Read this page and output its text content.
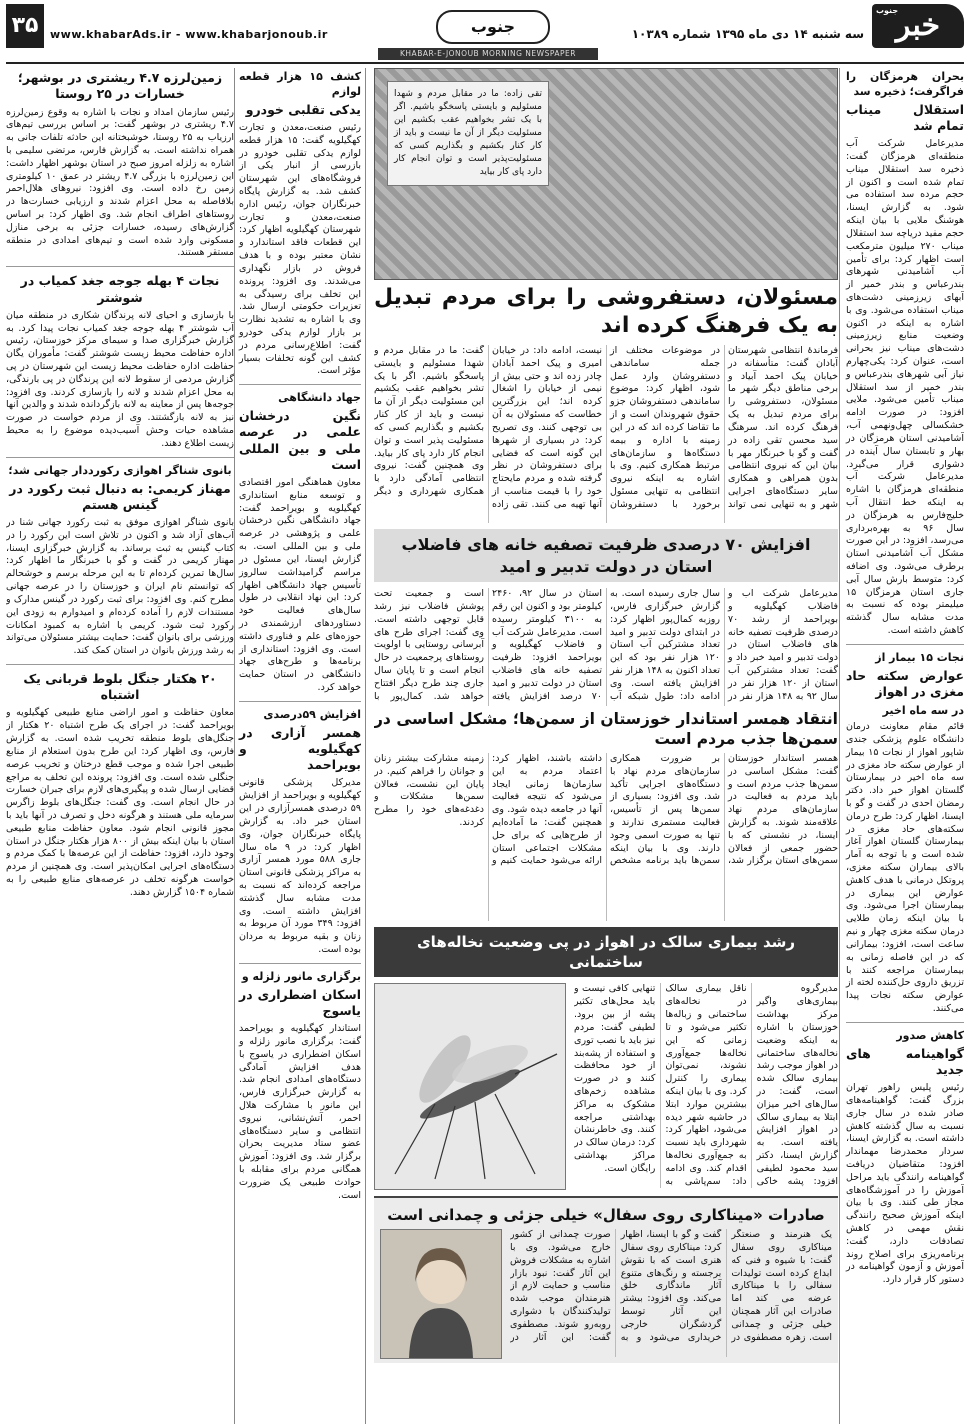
جنوب
خبر
سه شنبه ۱۴ دی ماه ۱۳۹۵ شماره ۱۰۳۸۹
جنوب
www.khabarAds.ir - www.khabarjonoub.ir
۳۵
KHABAR-E-JONOUB MORNING NEWSPAPER
بحران هرمزگان را فراگرفت؛ ذخیره سد
استقلال میناب تمام شد

مدیرعامل شرکت آب منطقه‌ای هرمزگان گفت: ذخیره سد استقلال میناب تمام شده است و اکنون از حجم مرده سد استفاده می شود. به گزارش ایسنا، هوشنگ ملایی با بیان اینکه حجم مفید دریاچه سد استقلال میناب ۲۷۰ میلیون مترمکعب است اظهار کرد: برای تأمین آب آشامیدنی شهرهای بندرعباس و بندر خمیر از آبهای زیرزمینی دشت‌های میناب استفاده می‌شود. وی با اشاره به اینکه در اکنون وضعیت منابع زیرزمینی دشت‌های میناب نیز بحرانی است، عنوان کرد: یکی‌چهارم نیاز آبی شهرهای بندرعباس و بندر خمیر از سد استقلال میناب تأمین می‌شود. ملایی افزود: در صورت ادامه خشکسالی چهل‌ونهمی آب، آشامیدنی استان هرمزگان در بهار و تابستان سال آینده در دشواری قرار می‌گیرد. مدیرعامل شرکت آب منطقه‌ای هرمزگان با اشاره به اینکه خط انتقال آب خلیج‌فارس به هرمزگان در سال ۹۶ به بهره‌برداری می‌رسد، افزود: در این صورت مشکل آب آشامیدنی استان برطرف می‌شود. وی اضافه کرد: متوسط بارش سال آبی جاری استان هرمزگان ۱۵ میلیمتر بوده که نسبت به مدت مشابه سال گذشته کاهش داشته است.

نجات ۱۵ بیمار از
عوارض سکته حاد مغزی در اهواز
در سه ماه اخیر

قائم مقام معاونت درمان دانشگاه علوم پزشکی جندی شاپور اهواز از نجات ۱۵ بیمار از عوارض سکته حاد مغزی در سه ماه اخیر در بیمارستان گلستان اهواز خبر داد. دکتر رمضان احدی در گفت و گو با ایسنا، اظهار کرد: طرح درمان سکته‌های حاد مغزی در بیمارستان گلستان اهواز آغاز شده است و با توجه به آمار بالای بیماران سکته مغزی، پروتکل درمانی با هدف کاهش عوارض این بیماری در بیمارستان اجرا می‌شود. وی با بیان اینکه زمان طلایی درمان سکته مغزی چهار و نیم ساعت است، افزود: بیمارانی که در این فاصله زمانی به بیمارستان مراجعه کنند با تزریق داروی حل‌کننده لخته از عوارض سکته نجات پیدا می‌کنند.

کاهش صدور
گواهینامه های جدید

رئیس پلیس راهور تهران بزرگ گفت: گواهینامه‌های صادر شده در سال جاری نسبت به سال گذشته کاهش داشته است. به گزارش ایسنا، سردار محمدرضا مهماندار افزود: متقاضیان دریافت گواهینامه رانندگی باید مراحل آموزش را در آموزشگاه‌های مجاز طی کنند. وی با بیان اینکه آموزش صحیح رانندگی نقش مهمی در کاهش تصادفات دارد، گفت: برنامه‌ریزی برای اصلاح روند آموزش و آزمون گواهینامه در دستور کار قرار دارد.

تقی زاده: ما در مقابل مردم و شهدا مسئولیم و بایستی پاسخگو باشیم. اگر با یک تشر بخواهیم عقب بکشیم این مسئولیت دیگر از آن ما نیست و باید از کار کنار بکشیم و بگذاریم کسی که مسئولیت‌پذیر است و توان انجام کار دارد پای کار بیاید
مسئولان، دستفروشی را برای مردم تبدیل به یک فرهنگ کرده اند

فرماندهٔ انتظامی شهرستان آبادان گفت: متأسفانه در خیابان پیک احمد آبیاد و برخی مناطق دیگر شهر ما مسئولان، دستفروشی را برای مردم تبدیل به یک فرهنگ کرده اند. سرهنگ سید محسن تقی زاده در گفت و گو با خبرنگار مهر با بیان این که نیروی انتظامی بدون همراهی و همکاری سایر دستگاه‌های اجرایی شهر و به تنهایی نمی تواند در موضوعات مختلف از جمله ساماندهی دستفروشان وارد عمل شود، اظهار کرد: موضوع ساماندهی دستفروشان جزو حقوق شهروندان است و از ما تقاضا کرده اند که در این زمینه با اداره و بیمه دستگاه‌ها و سازمان‌های مرتبط همکاری کنیم. وی با اشاره به اینکه نیروی انتظامی به تنهایی مسئول برخورد با دستفروشان نیست، ادامه داد: در خیابان امیری و پیک احمد آبادان چادر زده اند و حتی بیش از نیمی از خیابان را اشغال کرده اند؛ این بزرگترین خطاست که مسئولان به آن بی توجهی کنند. وی تصریح کرد: در بسیاری از شهرها این گونه است که فضایی برای دستفروشان در نظر گرفته شده و مردم مایحتاج خود را با قیمت مناسب از آنها تهیه می کنند. تقی زاده گفت: ما در مقابل مردم و شهدا مسئولیم و بایستی پاسخگو باشیم. اگر با یک تشر بخواهیم عقب بکشیم این مسئولیت دیگر از آن ما نیست و باید از کار کنار بکشیم و بگذاریم کسی که مسئولیت پذیر است و توان انجام کار دارد پای کار بیاید. وی همچنین گفت: نیروی انتظامی آمادگی دارد با همکاری شهرداری و دیگر

افزایش ۷۰ درصدی ظرفیت تصفیه خانه های فاضلاب استان در دولت تدبیر و امید

مدیرعامل شرکت آب و فاضلاب کهگیلویه و بویراحمد از رشد ۷۰ درصدی ظرفیت تصفیه خانه های فاضلاب استان در دولت تدبیر و امید خبر داد و گفت: تعداد مشترکین آب استان از ۱۲۰ هزار نفر در سال ۹۲ به ۱۴۸ هزار نفر در سال جاری رسیده است. به گزارش خبرگزاری فارس، روزبه کمال‌پور اظهار کرد: در ابتدای دولت تدبیر و امید تعداد مشترکین آب استان ۱۲۰ هزار نفر بود که این تعداد اکنون به ۱۴۸ هزار نفر افزایش یافته است. وی ادامه داد: طول شبکه آب استان در سال ۹۲، ۲۴۶۰ کیلومتر بود و اکنون این رقم به ۳۱۰۰ کیلومتر رسیده است. مدیرعامل شرکت آب و فاضلاب کهگیلویه و بویراحمد افزود: ظرفیت تصفیه خانه های فاضلاب استان در دولت تدبیر و امید ۷۰ درصد افزایش یافته است و جمعیت تحت پوشش فاضلاب نیز رشد قابل توجهی داشته است. وی گفت: اجرای طرح های آبرسانی روستایی با اولویت روستاهای پرجمعیت در حال انجام است و تا پایان سال جاری چند طرح دیگر افتتاح خواهد شد. کمال‌پور با

انتقاد همسر استاندار خوزستان از سمن‌ها؛ مشکل اساسی در سمن‌ها جذب مردم است

همسر استاندار خوزستان گفت: مشکل اساسی در سمن‌ها جذب مردم است و باید مردم به فعالیت در سازمان‌های مردم نهاد علاقه‌مند شوند. به گزارش ایسنا، در نشستی که با حضور جمعی از فعالان سمن‌های استان برگزار شد، بر ضرورت همکاری سازمان‌های مردم نهاد با دستگاه‌های اجرایی تأکید شد. وی افزود: بسیاری از سمن‌ها پس از تأسیس، فعالیت مستمری ندارند و تنها به صورت اسمی وجود دارند. وی با بیان اینکه سمن‌ها باید برنامه مشخص داشته باشند، اظهار کرد: اعتماد مردم به این سازمان‌ها زمانی ایجاد می‌شود که نتیجه فعالیت آنها در جامعه دیده شود. وی همچنین گفت: ما آماده‌ایم از طرح‌هایی که برای حل مشکلات اجتماعی استان ارائه می‌شود حمایت کنیم و زمینه مشارکت بیشتر زنان و جوانان را فراهم کنیم. در پایان این نشست، فعالان سمن‌ها مشکلات و دغدغه‌های خود را مطرح کردند.

رشد بیماری سالک در اهواز در پی وضعیت نخاله‌های ساختمانی

مدیرگروه بیماری‌های واگیر مرکز بهداشت خوزستان با اشاره به اینکه وضعیت نخاله‌های ساختمانی در اهواز موجب رشد بیماری سالک شده است، گفت: در سال‌های اخیر میزان ابتلا به بیماری سالک در اهواز افزایش یافته است. به گزارش ایسنا، دکتر سید محمود لطیفی افزود: پشه خاکی ناقل بیماری سالک در نخاله‌های ساختمانی و زباله‌ها تکثیر می‌شود و تا زمانی که این نخاله‌ها جمع‌آوری نشوند، نمی‌توان بیماری را کنترل کرد. وی با بیان اینکه بیشترین موارد ابتلا در حاشیه شهر دیده می‌شود، اظهار کرد: شهرداری باید نسبت به جمع‌آوری نخاله‌ها اقدام کند. وی ادامه داد: سم‌پاشی به تنهایی کافی نیست و باید محل‌های تکثیر پشه از بین برود. لطیفی گفت: مردم نیز باید با نصب توری و استفاده از پشه‌بند از خود محافظت کنند و در صورت مشاهده زخم‌های مشکوک به مراکز بهداشتی مراجعه کنند. وی خاطرنشان کرد: درمان سالک در مراکز بهداشتی رایگان است.

صادرات «میناکاری روی سفال» خیلی جزئی و چمدانی است

یک هنرمند و صنعتگر میناکاری روی سفال گفت: با شیوه و فنی که ابداع کرده است تولیدات سفالی را با میناکاری عرضه می کند اما صادرات این آثار همچنان خیلی جزئی و چمدانی است. زهره مصطفوی در گفت و گو با ایسنا، اظهار کرد: میناکاری روی سفال هنری است که با نقوش برجسته و رنگ‌های متنوع آثار ماندگاری خلق می‌کند. وی افزود: بیشتر این آثار توسط گردشگران خارجی خریداری می‌شود و به صورت چمدانی از کشور خارج می‌شود. وی با اشاره به مشکلات فروش این آثار گفت: نبود بازار مناسب و حمایت لازم از هنرمندان موجب شده تولیدکنندگان با دشواری روبه‌رو شوند. مصطفوی گفت: این آثار در

کشف ۱۵ هزار قطعه لوازم
یدکی تقلبی خودرو

رئیس صنعت،معدن و تجارت کهگیلویه گفت: ۱۵ هزار قطعه لوازم یدکی تقلبی خودرو در بازرسی از انبار یکی از فروشگاه‌های این شهرستان کشف شد. به گزارش پایگاه خبرنگاران جوان، رئیس اداره صنعت،معدن و تجارت شهرستان کهگیلویه اظهار کرد: این قطعات فاقد استاندارد و نشان معتبر بوده و با هدف فروش در بازار نگهداری می‌شدند. وی افزود: پرونده این تخلف برای رسیدگی به تعزیرات حکومتی ارسال شد. وی با اشاره به تشدید نظارت بر بازار لوازم یدکی خودرو گفت: اطلاع‌رسانی مردم در کشف این گونه تخلفات بسیار مؤثر است.

جهاد دانشگاهی
نگین درخشان علمی در عرصه ملی و بین المللی است

معاون هماهنگی امور اقتصادی و توسعه منابع استانداری کهگیلویه و بویراحمد گفت: جهاد دانشگاهی نگین درخشان علمی و پژوهشی در عرصه ملی و بین المللی است. به گزارش ایسنا، این مسئول در مراسم گرامیداشت سالروز تأسیس جهاد دانشگاهی اظهار کرد: این نهاد انقلابی در طول سال‌های فعالیت خود دستاوردهای ارزشمندی در حوزه‌های علم و فناوری داشته است. وی افزود: استانداری از برنامه‌ها و طرح‌های جهاد دانشگاهی در استان حمایت خواهد کرد.

افزایش ۵۹درصدی
همسر آزاری در کهگیلویه و بویراحمد

مدیرکل پزشکی قانونی کهگیلویه و بویراحمد از افزایش ۵۹ درصدی همسرآزاری در این استان خبر داد. به گزارش پایگاه خبرنگاران جوان، وی اظهار کرد: در ۹ ماه سال جاری ۵۸۸ مورد همسر آزاری به مراکز پزشکی قانونی استان مراجعه کرده‌اند که نسبت به مدت مشابه سال گذشته افزایش داشته است. وی افزود: ۳۴۹ مورد آن مربوط به زنان و بقیه مربوط به مردان بوده است.

برگزاری مانور زلزله و
اسکان اضطراری در یاسوج

استاندار کهگیلویه و بویراحمد گفت: برگزاری مانور زلزله و اسکان اضطراری در یاسوج با هدف افزایش آمادگی دستگاه‌های امدادی انجام شد. به گزارش خبرگزاری فارس، این مانور با مشارکت هلال احمر، آتش‌نشانی، نیروی انتظامی و سایر دستگاه‌های عضو ستاد مدیریت بحران برگزار شد. وی افزود: آموزش همگانی مردم برای مقابله با حوادث طبیعی یک ضرورت است.

زمین‌لرزه ۴.۷ ریشتری در بوشهر؛ خسارات در ۲۵ روستا

رئیس سازمان امداد و نجات با اشاره به وقوع زمین‌لرزه ۴.۷ ریشتری در بوشهر گفت: بر اساس بررسی تیم‌های ارزیاب به ۲۵ روستا، خوشبختانه این حادثه تلفات جانی به همراه نداشته است. به گزارش فارس، مرتضی سلیمی با اشاره به زلزله امروز صبح در استان بوشهر اظهار داشت: این زمین‌لرزه با بزرگی ۴.۷ ریشتر در عمق ۱۰ کیلومتری زمین رخ داده است. وی افزود: نیروهای هلال‌احمر بلافاصله به محل اعزام شدند و ارزیابی خسارت‌ها در روستاهای اطراف انجام شد. وی اظهار کرد: بر اساس گزارش‌های رسیده، خسارات جزئی به برخی منازل مسکونی وارد شده است و تیم‌های امدادی در منطقه مستقر هستند.

نجات ۴ بهله جوجه جغد کمیاب در شوشتر

با بازسازی و احیای لانه پرندگان شکاری در منطقه میان آب شوشتر ۴ بهله جوجه جغد کمیاب نجات پیدا کرد. به گزارش خبرگزاری صدا و سیمای مرکز خوزستان، رئیس اداره حفاظت محیط زیست شوشتر گفت: مأموران یگان حفاظت اداره حفاظت محیط زیست این شهرستان در پی گزارش مردمی از سقوط لانه این پرندگان در پی بارندگی، به محل اعزام شدند و لانه را بازسازی کردند. وی افزود: جوجه‌ها پس از معاینه به لانه بازگردانده شدند و والدین آنها نیز به لانه بازگشتند. وی از مردم خواست در صورت مشاهده حیات وحش آسیب‌دیده موضوع را به محیط زیست اطلاع دهند.

بانوی شناگر اهوازی رکورددار جهانی شد؛
مهناز کریمی: به دنبال ثبت رکورد در گینس هستم

بانوی شناگر اهوازی موفق به ثبت رکورد جهانی شنا در آب‌های آزاد شد و اکنون در تلاش است این رکورد را در کتاب گینس به ثبت برساند. به گزارش خبرگزاری ایسنا، مهناز کریمی در گفت و گو با خبرنگار ما اظهار کرد: سال‌ها تمرین کرده‌ام تا به این مرحله برسم و خوشحالم که توانستم نام ایران و خوزستان را در عرصه جهانی مطرح کنم. وی افزود: برای ثبت رکورد در گینس مدارک و مستندات لازم را آماده کرده‌ام و امیدوارم به زودی این رکورد ثبت شود. کریمی با اشاره به کمبود امکانات ورزشی برای بانوان گفت: حمایت بیشتر مسئولان می‌تواند به رشد ورزش بانوان در استان کمک کند.

۲۰ هکتار جنگل بلوط قربانی یک اشتباه

معاون حفاظت و امور اراضی منابع طبیعی کهگیلویه و بویراحمد گفت: در اجرای یک طرح اشتباه ۲۰ هکتار از جنگل‌های بلوط منطقه تخریب شده است. به گزارش فارس، وی اظهار کرد: این طرح بدون استعلام از منابع طبیعی اجرا شده و موجب قطع درختان و تخریب عرصه جنگلی شده است. وی افزود: پرونده این تخلف به مراجع قضایی ارسال شده و پیگیری‌های لازم برای جبران خسارت در حال انجام است. وی گفت: جنگل‌های بلوط زاگرس سرمایه ملی هستند و هرگونه دخل و تصرف در آنها باید با مجوز قانونی انجام شود. معاون حفاظت منابع طبیعی استان با بیان اینکه بیش از ۸۰۰ هزار هکتار جنگل در استان وجود دارد، افزود: حفاظت از این عرصه‌ها با کمک مردم و دستگاه‌های اجرایی امکان‌پذیر است. وی همچنین از مردم خواست هرگونه تخلف در عرصه‌های منابع طبیعی را به شماره ۱۵۰۴ گزارش دهند.
